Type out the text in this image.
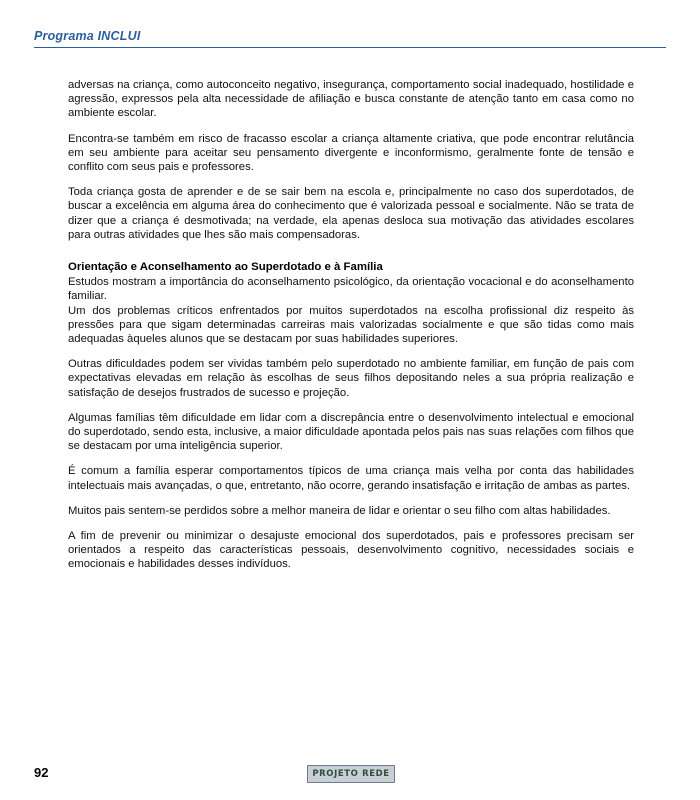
Programa INCLUI

adversas na criança, como autoconceito negativo, insegurança, comportamento social inadequado, hostilidade e agressão, expressos pela alta necessidade de afiliação e busca constante de atenção tanto em casa como no ambiente escolar.

Encontra-se também em risco de fracasso escolar a criança altamente criativa, que pode encontrar relutância em seu ambiente para aceitar seu pensamento divergente e inconformismo, geralmente fonte de tensão e conflito com seus pais e professores.

Toda criança gosta de aprender e de se sair bem na escola e, principalmente no caso dos superdotados, de buscar a excelência em alguma área do conhecimento que é valorizada pessoal e socialmente. Não se trata de dizer que a criança é desmotivada; na verdade, ela apenas desloca sua motivação das atividades escolares para outras atividades que lhes são mais compensadoras.

Orientação e Aconselhamento ao Superdotado e à Família

Estudos mostram a importância do aconselhamento psicológico, da orientação vocacional e do aconselhamento familiar.

Um dos problemas críticos enfrentados por muitos superdotados na escolha profissional diz respeito às pressões para que sigam determinadas carreiras mais valorizadas socialmente e que são tidas como mais adequadas àqueles alunos que se destacam por suas habilidades superiores.

Outras dificuldades podem ser vividas também pelo superdotado no ambiente familiar, em função de pais com expectativas elevadas em relação às escolhas de seus filhos depositando neles a sua própria realização e satisfação de desejos frustrados de sucesso e projeção.

Algumas famílias têm dificuldade em lidar com a discrepância entre o desenvolvimento intelectual e emocional do superdotado, sendo esta, inclusive, a maior dificuldade apontada pelos pais nas suas relações com filhos que se destacam por uma inteligência superior.

É comum a família esperar comportamentos típicos de uma criança mais velha por conta das habilidades intelectuais mais avançadas, o que, entretanto, não ocorre, gerando insatisfação e irritação de ambas as partes.

Muitos pais sentem-se perdidos sobre a melhor maneira de lidar e orientar o seu filho com altas habilidades.

A fim de prevenir ou minimizar o desajuste emocional dos superdotados, pais e professores precisam ser orientados a respeito das características pessoais, desenvolvimento cognitivo, necessidades sociais e emocionais e habilidades desses indivíduos.

92	PROJETO REDE
